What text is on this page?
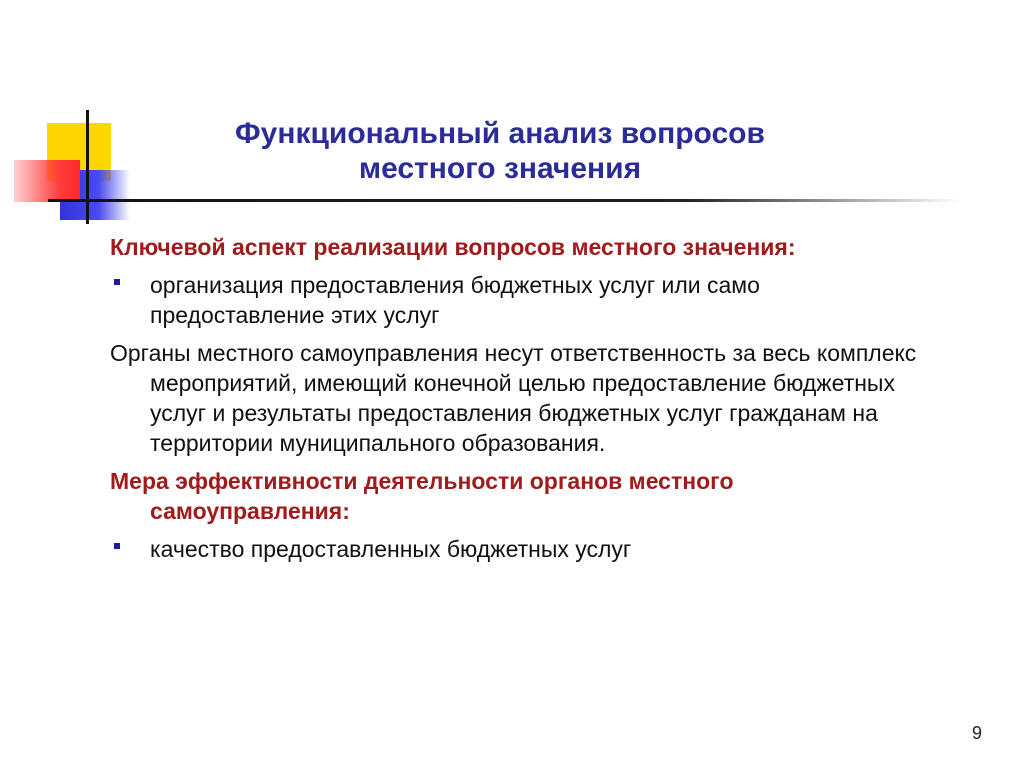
Функциональный анализ вопросов
местного значения
Ключевой аспект реализации вопросов местного значения:
организация предоставления бюджетных услуг или само предоставление этих услуг
Органы местного самоуправления несут ответственность за весь комплекс мероприятий, имеющий конечной целью предоставление бюджетных услуг и результаты предоставления бюджетных услуг гражданам на территории муниципального образования.
Мера эффективности деятельности органов местного самоуправления:
качество предоставленных бюджетных услуг
9
